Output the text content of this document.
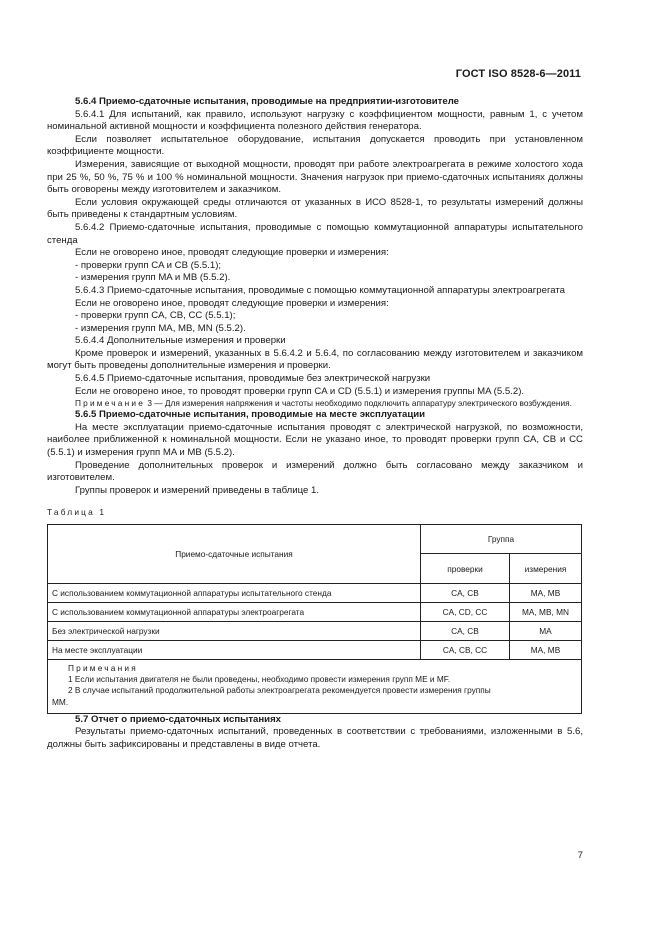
ГОСТ ISO 8528-6—2011

5.6.4 Приемо-сдаточные испытания, проводимые на предприятии-изготовителе

5.6.4.1 Для испытаний, как правило, используют нагрузку с коэффициентом мощности, равным 1, с учетом номинальной активной мощности и коэффициента полезного действия генератора.

Если позволяет испытательное оборудование, испытания допускается проводить при установленном коэффициенте мощности.

Измерения, зависящие от выходной мощности, проводят при работе электроагрегата в режиме холостого хода при 25 %, 50 %, 75 % и 100 % номинальной мощности. Значения нагрузок при приемо-сдаточных испытаниях должны быть оговорены между изготовителем и заказчиком.

Если условия окружающей среды отличаются от указанных в ИСО 8528-1, то результаты измерений должны быть приведены к стандартным условиям.

5.6.4.2 Приемо-сдаточные испытания, проводимые с помощью коммутационной аппаратуры испытательного стенда

Если не оговорено иное, проводят следующие проверки и измерения:

- проверки групп CA и CB (5.5.1);

- измерения групп MA и MB (5.5.2).

5.6.4.3 Приемо-сдаточные испытания, проводимые с помощью коммутационной аппаратуры электроагрегата

Если не оговорено иное, проводят следующие проверки и измерения:

- проверки групп CA, CB, CC (5.5.1);

- измерения групп MA, MB, MN (5.5.2).

5.6.4.4 Дополнительные измерения и проверки

Кроме проверок и измерений, указанных в 5.6.4.2 и 5.6.4, по согласованию между изготовителем и заказчиком могут быть проведены дополнительные измерения и проверки.

5.6.4.5 Приемо-сдаточные испытания, проводимые без электрической нагрузки

Если не оговорено иное, то проводят проверки групп CA и CD (5.5.1) и измерения группы MA (5.5.2).

Примечание 3 — Для измерения напряжения и частоты необходимо подключить аппаратуру электрического возбуждения.

5.6.5 Приемо-сдаточные испытания, проводимые на месте эксплуатации

На месте эксплуатации приемо-сдаточные испытания проводят с электрической нагрузкой, по возможности, наиболее приближенной к номинальной мощности. Если не указано иное, то проводят проверки групп CA, CB и CC (5.5.1) и измерения групп MA и MB (5.5.2).

Проведение дополнительных проверок и измерений должно быть согласовано между заказчиком и изготовителем.

Группы проверок и измерений приведены в таблице 1.

Таблица 1
Приемо-сдаточные испытания	Группа	
	проверки	измерения
С использованием коммутационной аппаратуры испытательного стенда	CA, CB	MA, MB
С использованием коммутационной аппаратуры электроагрегата	CA, CD, CC	MA, MB, MN
Без электрической нагрузки	CA, CB	MA
На месте эксплуатации	CA, CB, CC	MA, MB

Примечания
1 Если испытания двигателя не были проведены, необходимо провести измерения групп ME и MF.
2 В случае испытаний продолжительной работы электроагрегата рекомендуется провести измерения группы
MM.		

5.7 Отчет о приемо-сдаточных испытаниях

Результаты приемо-сдаточных испытаний, проведенных в соответствии с требованиями, изложенными в 5.6, должны быть зафиксированы и представлены в виде отчета.

7
